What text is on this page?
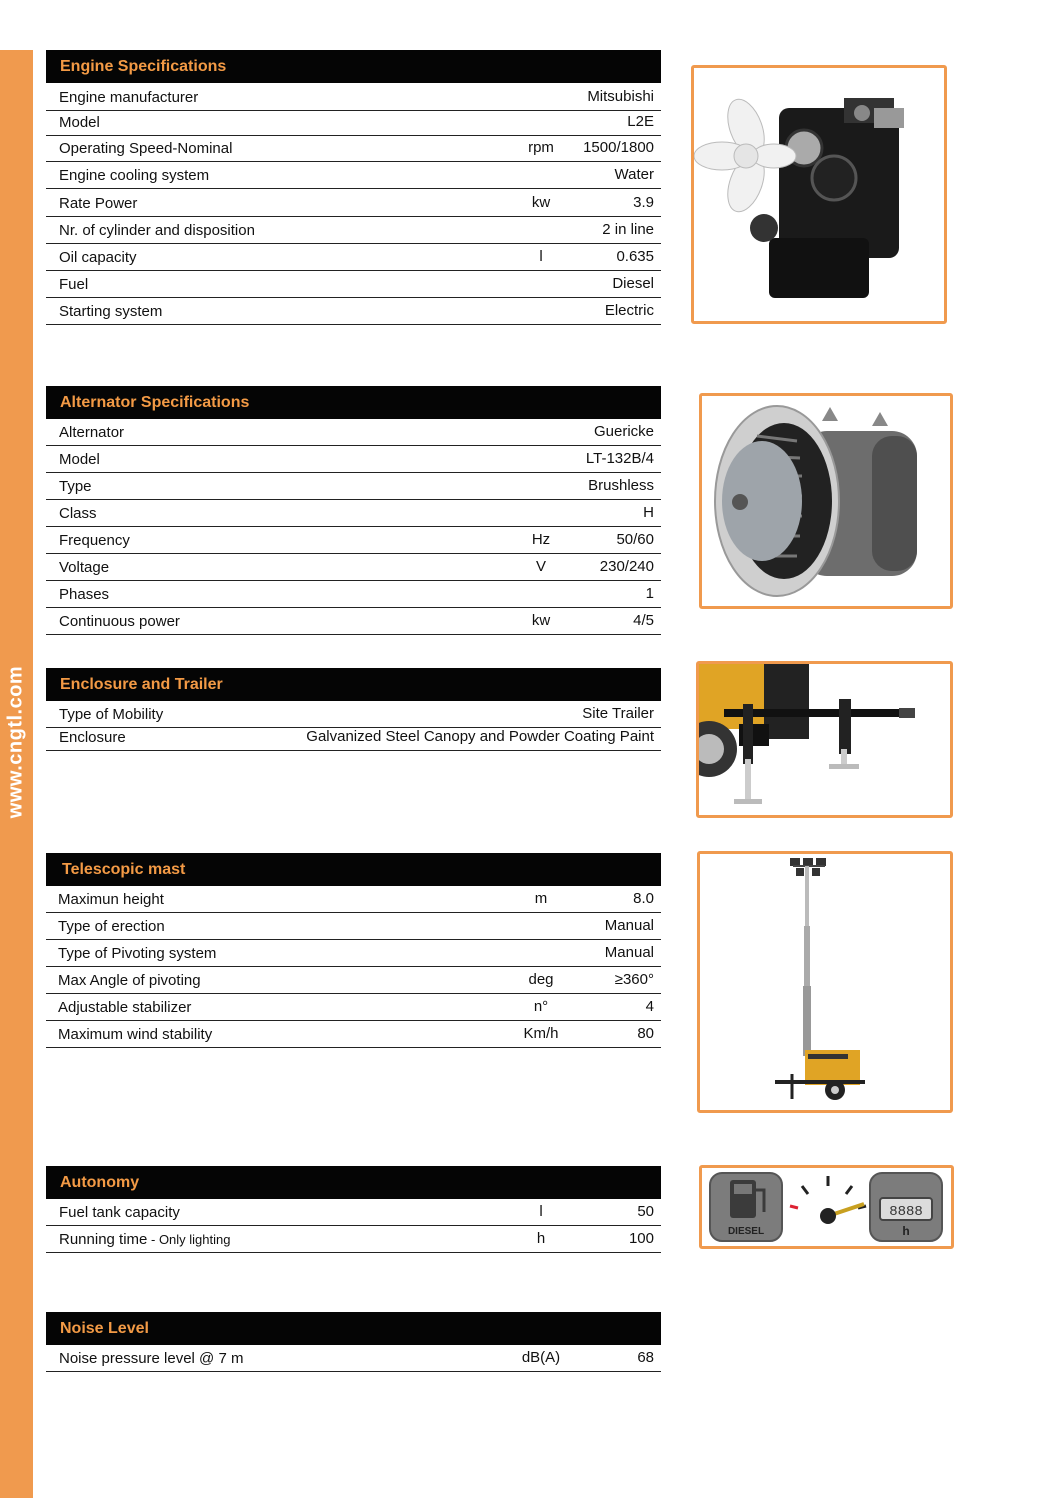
www.cngtl.com
Engine Specifications
Engine manufacturer	Mitsubishi
Model	L2E
Operating Speed-Nominal	rpm	1500/1800
Engine cooling system	Water
Rate Power	kw	3.9
Nr. of cylinder and disposition	2 in line
Oil capacity	l	0.635
Fuel	Diesel
Starting system	Electric
Alternator Specifications
Alternator	Guericke
Model	LT-132B/4
Type	Brushless
Class	H
Frequency	Hz	50/60
Voltage	V	230/240
Phases	1
Continuous power	kw	4/5
Enclosure and Trailer
Type of Mobility	Site Trailer
Enclosure	Galvanized Steel Canopy and Powder Coating Paint
Telescopic mast
Maximun height	m	8.0
Type of erection	Manual
Type of Pivoting system	Manual
Max Angle of pivoting	deg	≥360°
Adjustable stabilizer	n°	4
Maximum wind stability	Km/h	80
Autonomy
Fuel tank capacity	l	50
Running time - Only lighting	h	100
Noise Level
Noise pressure level @ 7 m	dB(A)	68
DIESEL
8888
h
